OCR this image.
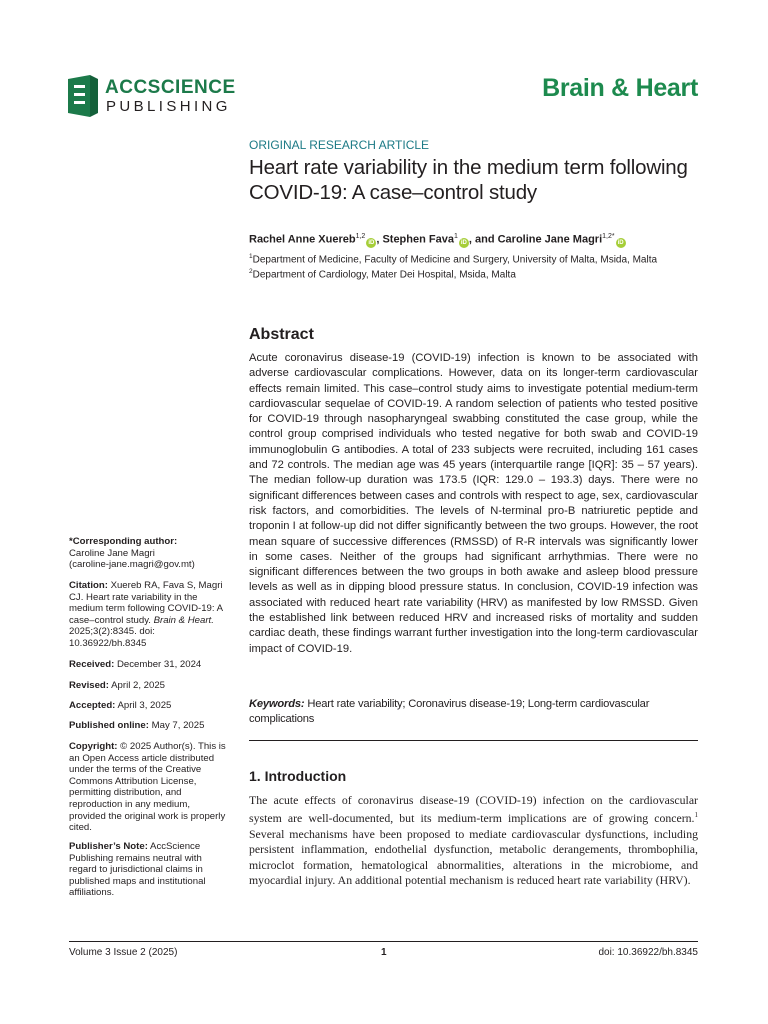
ACCSCIENCE
PUBLISHING
Brain & Heart
ORIGINAL RESEARCH ARTICLE
Heart rate variability in the medium term following COVID-19: A case–control study
Rachel Anne Xuereb$^{1,2}$iD , Stephen Fava$^1$iD , and Caroline Jane Magri$^{1,2*}$iD
$^1$Department of Medicine, Faculty of Medicine and Surgery, University of Malta, Msida, Malta
$^2$Department of Cardiology, Mater Dei Hospital, Msida, Malta
Abstract
Acute coronavirus disease-19 (COVID-19) infection is known to be associated with adverse cardiovascular complications. However, data on its longer-term cardiovascular effects remain limited. This case–control study aims to investigate potential medium-term cardiovascular sequelae of COVID-19. A random selection of patients who tested positive for COVID-19 through nasopharyngeal swabbing constituted the case group, while the control group comprised individuals who tested negative for both swab and COVID-19 immunoglobulin G antibodies. A total of 233 subjects were recruited, including 161 cases and 72 controls. The median age was 45 years (interquartile range [IQR]: 35 – 57 years). The median follow-up duration was 173.5 (IQR: 129.0 – 193.3) days. There were no significant differences between cases and controls with respect to age, sex, cardiovascular risk factors, and comorbidities. The levels of N-terminal pro-B natriuretic peptide and troponin I at follow-up did not differ significantly between the two groups. However, the root mean square of successive differences (RMSSD) of R-R intervals was significantly lower in some cases. Neither of the groups had significant arrhythmias. There were no significant differences between the two groups in both awake and asleep blood pressure levels as well as in dipping blood pressure status. In conclusion, COVID-19 infection was associated with reduced heart rate variability (HRV) as manifested by low RMSSD. Given the established link between reduced HRV and increased risks of mortality and sudden cardiac death, these findings warrant further investigation into the long-term cardiovascular impact of COVID-19.
Keywords: Heart rate variability; Coronavirus disease-19; Long-term cardiovascular complications
1. Introduction
The acute effects of coronavirus disease-19 (COVID-19) infection on the cardiovascular system are well-documented, but its medium-term implications are of growing concern.$^1$ Several mechanisms have been proposed to mediate cardiovascular dysfunctions, including persistent inflammation, endothelial dysfunction, metabolic derangements, thrombophilia, microclot formation, hematological abnormalities, alterations in the microbiome, and myocardial injury. An additional potential mechanism is reduced heart rate variability (HRV).
*Corresponding author:
Caroline Jane Magri
(caroline-jane.magri@gov.mt)
Citation: Xuereb RA, Fava S, Magri CJ. Heart rate variability in the medium term following COVID-19: A case–control study. Brain & Heart. 2025;3(2):8345. doi: 10.36922/bh.8345
Received: December 31, 2024
Revised: April 2, 2025
Accepted: April 3, 2025
Published online: May 7, 2025
Copyright: © 2025 Author(s). This is an Open Access article distributed under the terms of the Creative Commons Attribution License, permitting distribution, and reproduction in any medium, provided the original work is properly cited.
Publisher’s Note: AccScience Publishing remains neutral with regard to jurisdictional claims in published maps and institutional affiliations.
Volume 3 Issue 2 (2025)	1	doi: 10.36922/bh.8345
